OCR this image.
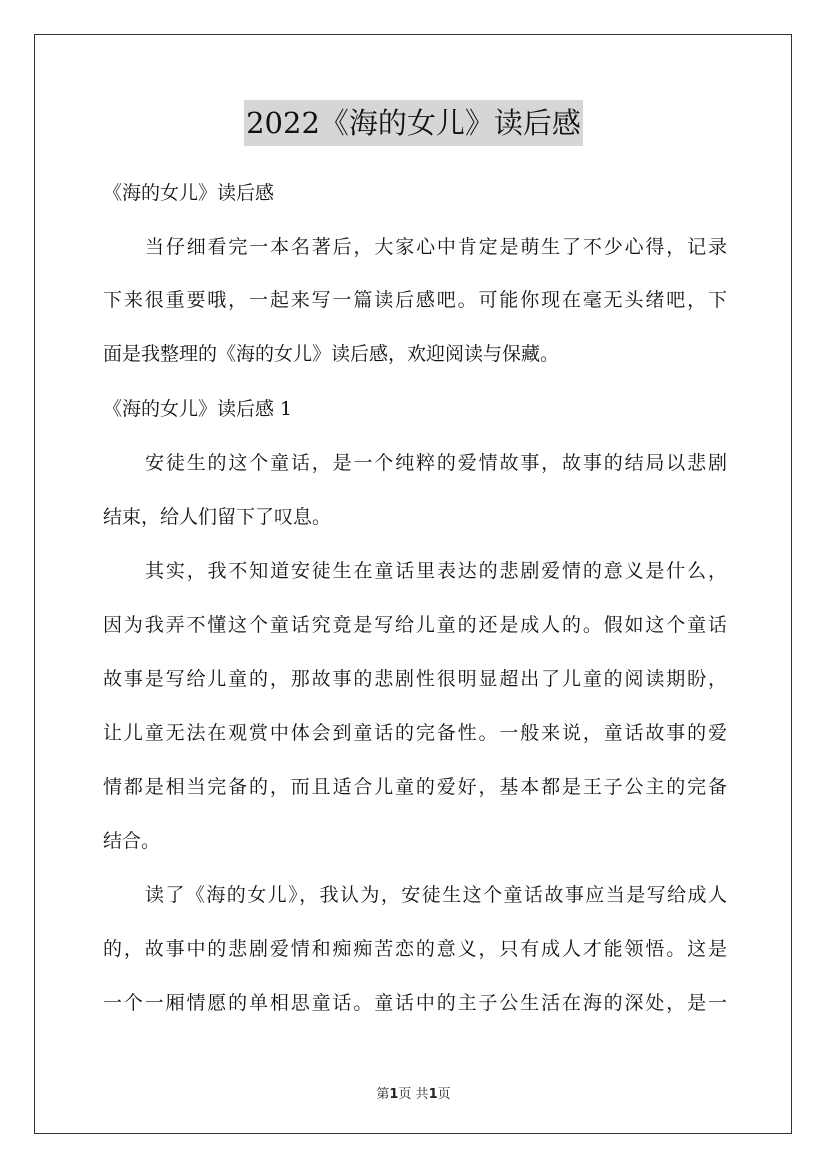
2022《海的女儿》读后感
《海的女儿》读后感
当仔细看完一本名著后，大家心中肯定是萌生了不少心得，记录
下来很重要哦，一起来写一篇读后感吧。可能你现在毫无头绪吧，下
面是我整理的《海的女儿》读后感，欢迎阅读与保藏。
《海的女儿》读后感 1
安徒生的这个童话，是一个纯粹的爱情故事，故事的结局以悲剧
结束，给人们留下了叹息。
其实，我不知道安徒生在童话里表达的悲剧爱情的意义是什么，
因为我弄不懂这个童话究竟是写给儿童的还是成人的。假如这个童话
故事是写给儿童的，那故事的悲剧性很明显超出了儿童的阅读期盼，
让儿童无法在观赏中体会到童话的完备性。一般来说，童话故事的爱
情都是相当完备的，而且适合儿童的爱好，基本都是王子公主的完备
结合。
读了《海的女儿》，我认为，安徒生这个童话故事应当是写给成人
的，故事中的悲剧爱情和痴痴苦恋的意义，只有成人才能领悟。这是
一个一厢情愿的单相思童话。童话中的主子公生活在海的深处，是一
第1页 共1页
